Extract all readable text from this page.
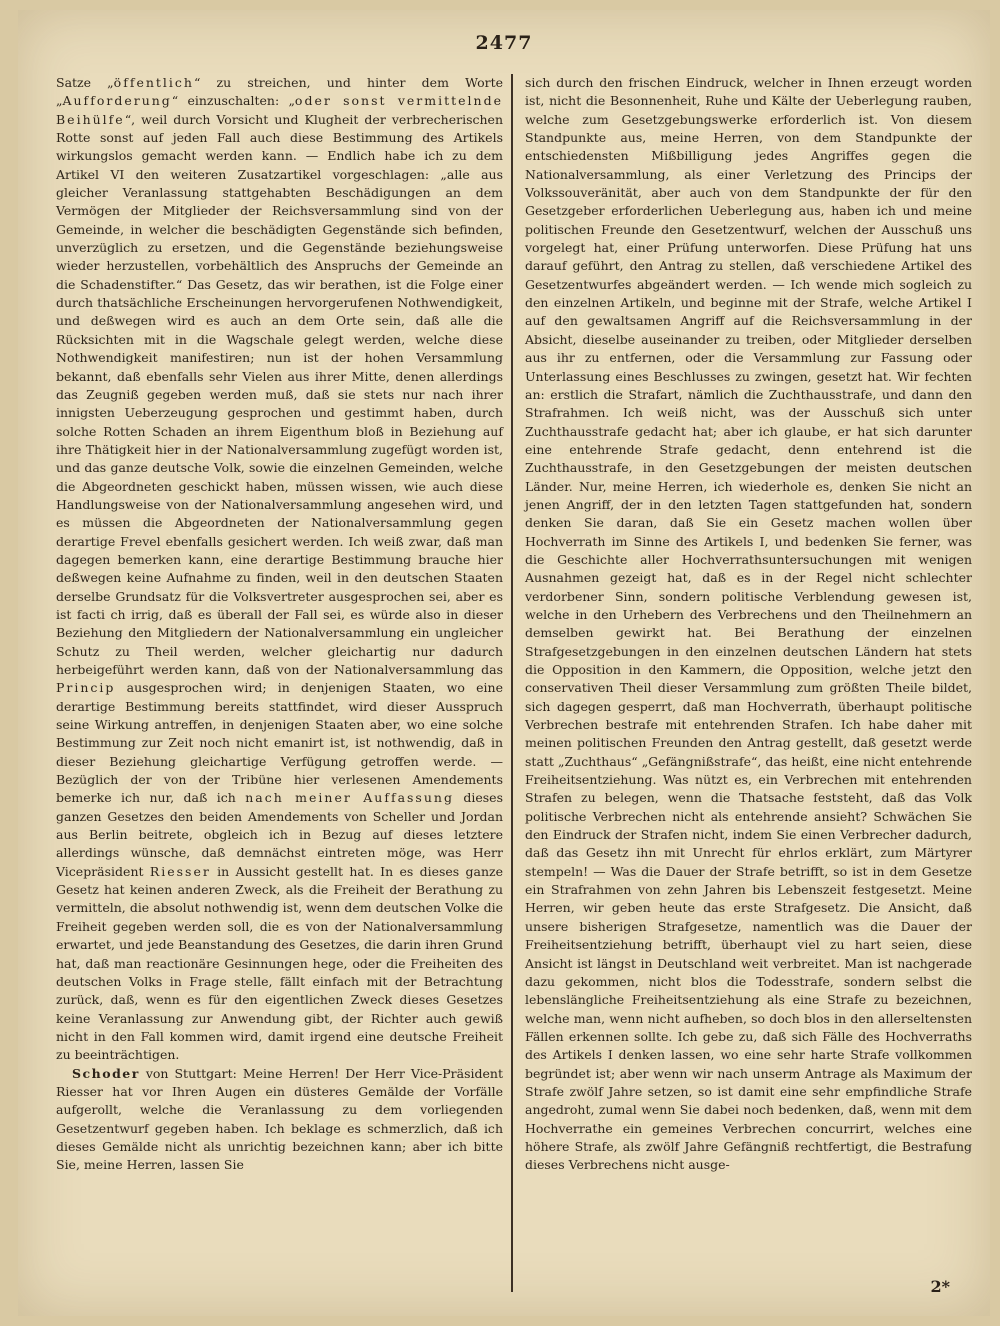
2477

Satze „öffentlich“ zu streichen, und hinter dem Worte „Aufforderung“ einzuschalten: „oder sonst vermittelnde Beihülfe“, weil durch Vorsicht und Klugheit der verbrecherischen Rotte sonst auf jeden Fall auch diese Bestimmung des Artikels wirkungslos gemacht werden kann. — Endlich habe ich zu dem Artikel VI den weiteren Zusatzartikel vorgeschlagen: „alle aus gleicher Veranlassung stattgehabten Beschädigungen an dem Vermögen der Mitglieder der Reichsversammlung sind von der Gemeinde, in welcher die beschädigten Gegenstände sich befinden, unverzüglich zu ersetzen, und die Gegenstände beziehungsweise wieder herzustellen, vorbehältlich des Anspruchs der Gemeinde an die Schadenstifter.“ Das Gesetz, das wir berathen, ist die Folge einer durch thatsächliche Erscheinungen hervorgerufenen Nothwendigkeit, und deßwegen wird es auch an dem Orte sein, daß alle die Rücksichten mit in die Wagschale gelegt werden, welche diese Nothwendigkeit manifestiren; nun ist der hohen Versammlung bekannt, daß ebenfalls sehr Vielen aus ihrer Mitte, denen allerdings das Zeugniß gegeben werden muß, daß sie stets nur nach ihrer innigsten Ueberzeugung gesprochen und gestimmt haben, durch solche Rotten Schaden an ihrem Eigenthum bloß in Beziehung auf ihre Thätigkeit hier in der Nationalversammlung zugefügt worden ist, und das ganze deutsche Volk, sowie die einzelnen Gemeinden, welche die Abgeordneten geschickt haben, müssen wissen, wie auch diese Handlungsweise von der Nationalversammlung angesehen wird, und es müssen die Abgeordneten der Nationalversammlung gegen derartige Frevel ebenfalls gesichert werden. Ich weiß zwar, daß man dagegen bemerken kann, eine derartige Bestimmung brauche hier deßwegen keine Aufnahme zu finden, weil in den deutschen Staaten derselbe Grundsatz für die Volksvertreter ausgesprochen sei, aber es ist facti ch irrig, daß es überall der Fall sei, es würde also in dieser Beziehung den Mitgliedern der Nationalversammlung ein ungleicher Schutz zu Theil werden, welcher gleichartig nur dadurch herbeigeführt werden kann, daß von der Nationalversammlung das Princip ausgesprochen wird; in denjenigen Staaten, wo eine derartige Bestimmung bereits stattfindet, wird dieser Ausspruch seine Wirkung antreffen, in denjenigen Staaten aber, wo eine solche Bestimmung zur Zeit noch nicht emanirt ist, ist nothwendig, daß in dieser Beziehung gleichartige Verfügung getroffen werde. — Bezüglich der von der Tribüne hier verlesenen Amendements bemerke ich nur, daß ich nach meiner Auffassung dieses ganzen Gesetzes den beiden Amendements von Scheller und Jordan aus Berlin beitrete, obgleich ich in Bezug auf dieses letztere allerdings wünsche, daß demnächst eintreten möge, was Herr Vicepräsident Riesser in Aussicht gestellt hat. In es dieses ganze Gesetz hat keinen anderen Zweck, als die Freiheit der Berathung zu vermitteln, die absolut nothwendig ist, wenn dem deutschen Volke die Freiheit gegeben werden soll, die es von der Nationalversammlung erwartet, und jede Beanstandung des Gesetzes, die darin ihren Grund hat, daß man reactionäre Gesinnungen hege, oder die Freiheiten des deutschen Volks in Frage stelle, fällt einfach mit der Betrachtung zurück, daß, wenn es für den eigentlichen Zweck dieses Gesetzes keine Veranlassung zur Anwendung gibt, der Richter auch gewiß nicht in den Fall kommen wird, damit irgend eine deutsche Freiheit zu beeinträchtigen.

Schoder von Stuttgart: Meine Herren! Der Herr Vice-Präsident Riesser hat vor Ihren Augen ein düsteres Gemälde der Vorfälle aufgerollt, welche die Veranlassung zu dem vorliegenden Gesetzentwurf gegeben haben. Ich beklage es schmerzlich, daß ich dieses Gemälde nicht als unrichtig bezeichnen kann; aber ich bitte Sie, meine Herren, lassen Sie

sich durch den frischen Eindruck, welcher in Ihnen erzeugt worden ist, nicht die Besonnenheit, Ruhe und Kälte der Ueberlegung rauben, welche zum Gesetzgebungswerke erforderlich ist. Von diesem Standpunkte aus, meine Herren, von dem Standpunkte der entschiedensten Mißbilligung jedes Angriffes gegen die Nationalversammlung, als einer Verletzung des Princips der Volkssouveränität, aber auch von dem Standpunkte der für den Gesetzgeber erforderlichen Ueberlegung aus, haben ich und meine politischen Freunde den Gesetzentwurf, welchen der Ausschuß uns vorgelegt hat, einer Prüfung unterworfen. Diese Prüfung hat uns darauf geführt, den Antrag zu stellen, daß verschiedene Artikel des Gesetzentwurfes abgeändert werden. — Ich wende mich sogleich zu den einzelnen Artikeln, und beginne mit der Strafe, welche Artikel I auf den gewaltsamen Angriff auf die Reichsversammlung in der Absicht, dieselbe auseinander zu treiben, oder Mitglieder derselben aus ihr zu entfernen, oder die Versammlung zur Fassung oder Unterlassung eines Beschlusses zu zwingen, gesetzt hat. Wir fechten an: erstlich die Strafart, nämlich die Zuchthausstrafe, und dann den Strafrahmen. Ich weiß nicht, was der Ausschuß sich unter Zuchthausstrafe gedacht hat; aber ich glaube, er hat sich darunter eine entehrende Strafe gedacht, denn entehrend ist die Zuchthausstrafe, in den Gesetzgebungen der meisten deutschen Länder. Nur, meine Herren, ich wiederhole es, denken Sie nicht an jenen Angriff, der in den letzten Tagen stattgefunden hat, sondern denken Sie daran, daß Sie ein Gesetz machen wollen über Hochverrath im Sinne des Artikels I, und bedenken Sie ferner, was die Geschichte aller Hochverrathsuntersuchungen mit wenigen Ausnahmen gezeigt hat, daß es in der Regel nicht schlechter verdorbener Sinn, sondern politische Verblendung gewesen ist, welche in den Urhebern des Verbrechens und den Theilnehmern an demselben gewirkt hat. Bei Berathung der einzelnen Strafgesetzgebungen in den einzelnen deutschen Ländern hat stets die Opposition in den Kammern, die Opposition, welche jetzt den conservativen Theil dieser Versammlung zum größten Theile bildet, sich dagegen gesperrt, daß man Hochverrath, überhaupt politische Verbrechen bestrafe mit entehrenden Strafen. Ich habe daher mit meinen politischen Freunden den Antrag gestellt, daß gesetzt werde statt „Zuchthaus“ „Gefängnißstrafe“, das heißt, eine nicht entehrende Freiheitsentziehung. Was nützt es, ein Verbrechen mit entehrenden Strafen zu belegen, wenn die Thatsache feststeht, daß das Volk politische Verbrechen nicht als entehrende ansieht? Schwächen Sie den Eindruck der Strafen nicht, indem Sie einen Verbrecher dadurch, daß das Gesetz ihn mit Unrecht für ehrlos erklärt, zum Märtyrer stempeln! — Was die Dauer der Strafe betrifft, so ist in dem Gesetze ein Strafrahmen von zehn Jahren bis Lebenszeit festgesetzt. Meine Herren, wir geben heute das erste Strafgesetz. Die Ansicht, daß unsere bisherigen Strafgesetze, namentlich was die Dauer der Freiheitsentziehung betrifft, überhaupt viel zu hart seien, diese Ansicht ist längst in Deutschland weit verbreitet. Man ist nachgerade dazu gekommen, nicht blos die Todesstrafe, sondern selbst die lebenslängliche Freiheitsentziehung als eine Strafe zu bezeichnen, welche man, wenn nicht aufheben, so doch blos in den allerseltensten Fällen erkennen sollte. Ich gebe zu, daß sich Fälle des Hochverraths des Artikels I denken lassen, wo eine sehr harte Strafe vollkommen begründet ist; aber wenn wir nach unserm Antrage als Maximum der Strafe zwölf Jahre setzen, so ist damit eine sehr empfindliche Strafe angedroht, zumal wenn Sie dabei noch bedenken, daß, wenn mit dem Hochverrathe ein gemeines Verbrechen concurrirt, welches eine höhere Strafe, als zwölf Jahre Gefängniß rechtfertigt, die Bestrafung dieses Verbrechens nicht ausge-

2*
